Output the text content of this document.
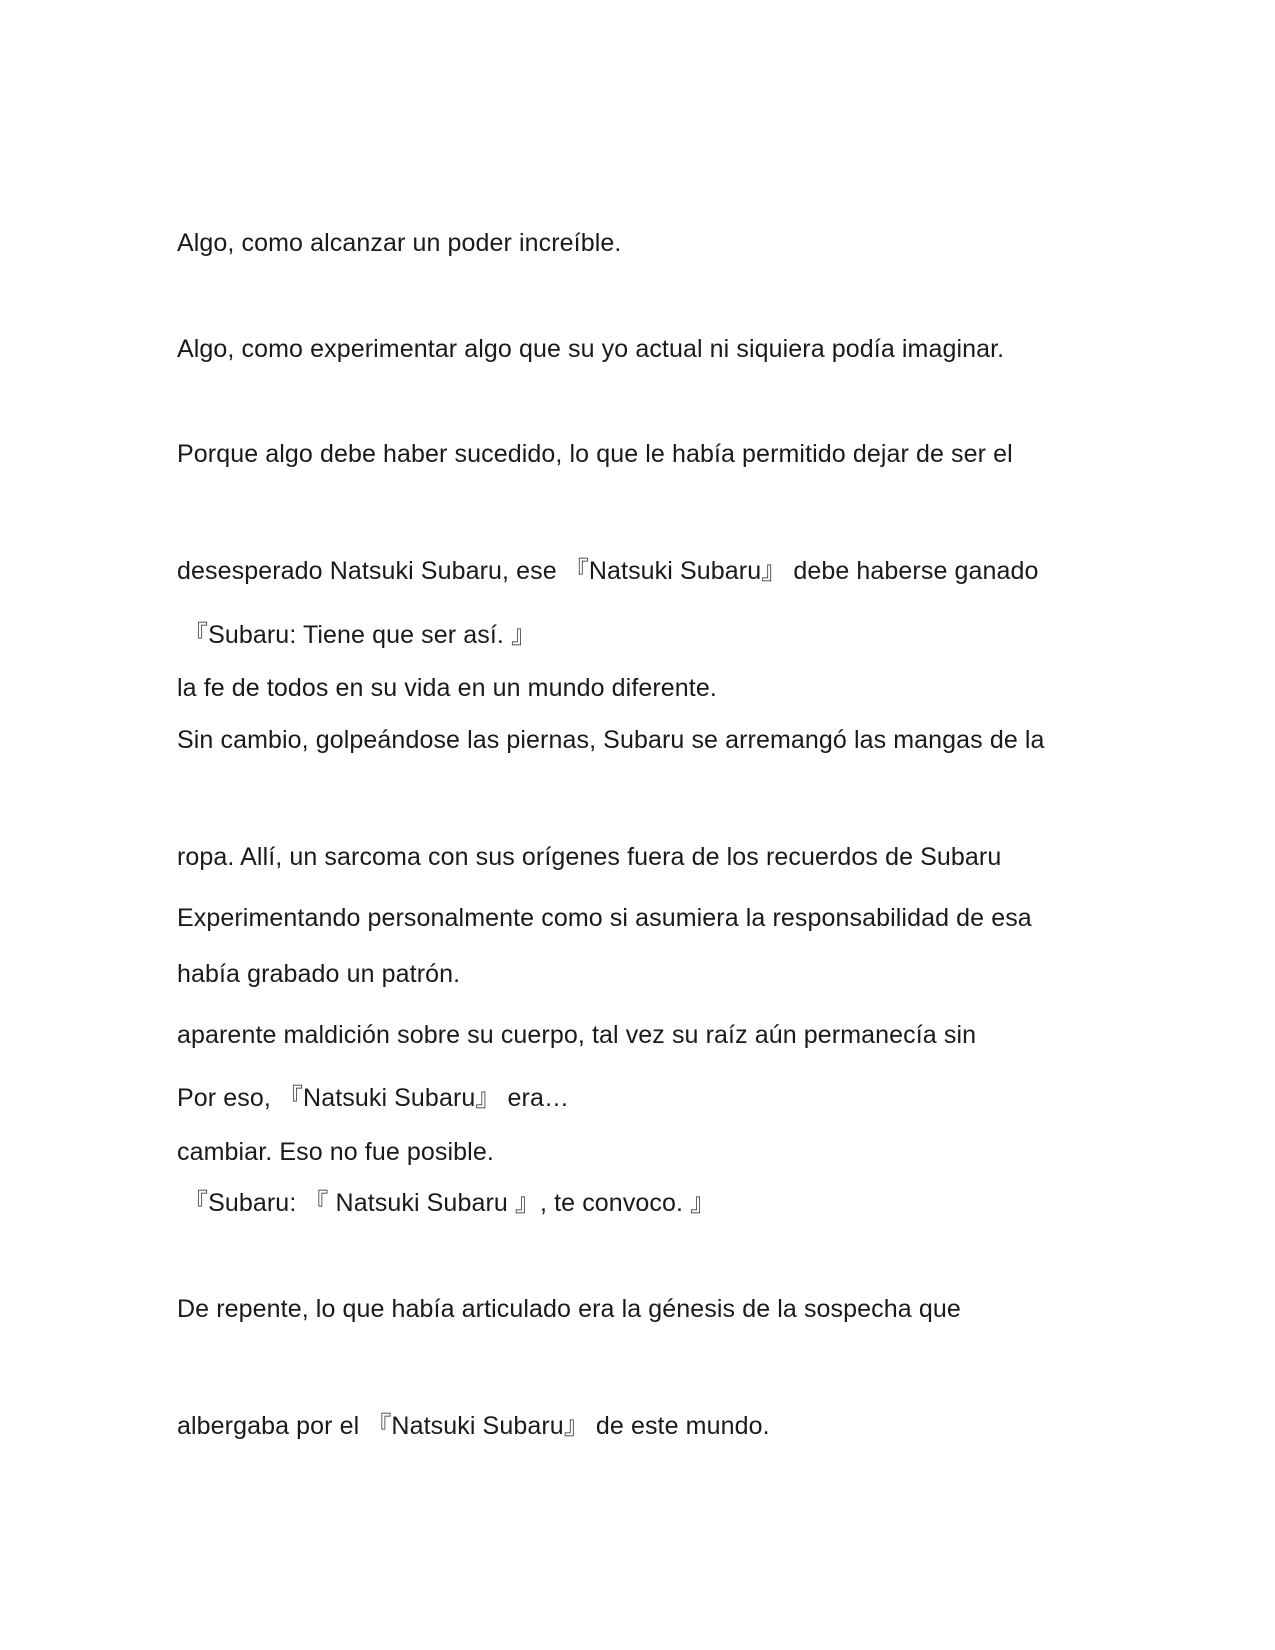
Algo, como alcanzar un poder increíble.

Algo, como experimentar algo que su yo actual ni siquiera podía imaginar.

Porque algo debe haber sucedido, lo que le había permitido dejar de ser el

desesperado Natsuki Subaru, ese 『Natsuki Subaru』 debe haberse ganado

la fe de todos en su vida en un mundo diferente.

『Subaru: Tiene que ser así. 』

Sin cambio, golpeándose las piernas, Subaru se arremangó las mangas de la

ropa. Allí, un sarcoma con sus orígenes fuera de los recuerdos de Subaru

había grabado un patrón.

Experimentando personalmente como si asumiera la responsabilidad de esa

aparente maldición sobre su cuerpo, tal vez su raíz aún permanecía sin

cambiar. Eso no fue posible.

Por eso, 『Natsuki Subaru』 era…

『Subaru: 『 Natsuki Subaru 』, te convoco. 』

De repente, lo que había articulado era la génesis de la sospecha que

albergaba por el 『Natsuki Subaru』 de este mundo.
